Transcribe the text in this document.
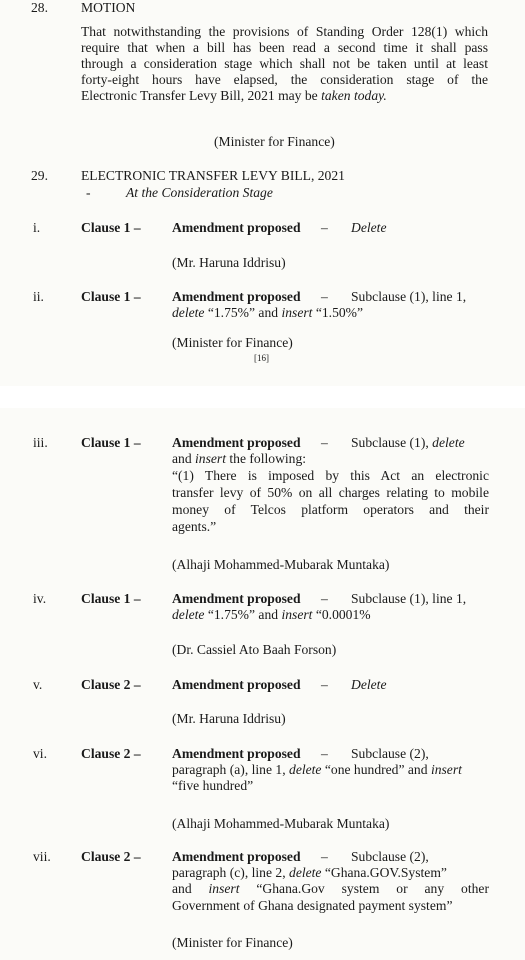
28. MOTION
That notwithstanding the provisions of Standing Order 128(1) which
require that when a bill has been read a second time it shall pass
through a consideration stage which shall not be taken until at least
forty-eight hours have elapsed, the consideration stage of the
Electronic Transfer Levy Bill, 2021 may be taken today.
(Minister for Finance)
29. ELECTRONIC TRANSFER LEVY BILL, 2021
-	At the Consideration Stage
i.	Clause 1 – Amendment proposed – Delete
(Mr. Haruna Iddrisu)
ii.	Clause 1 – Amendment proposed – Subclause (1), line 1,
delete “1.75%” and insert “1.50%”
(Minister for Finance)
[16]
iii. Clause 1 – Amendment proposed – Subclause (1), delete
and insert the following:
“(1) There is imposed by this Act an electronic
transfer levy of 50% on all charges relating to mobile
money of Telcos platform operators and their
agents.”
(Alhaji Mohammed-Mubarak Muntaka)
iv.	Clause 1 – Amendment proposed – Subclause (1), line 1,
delete “1.75%” and insert “0.0001%
(Dr. Cassiel Ato Baah Forson)
v.	Clause 2 – Amendment proposed – Delete
(Mr. Haruna Iddrisu)
vi.	Clause 2 – Amendment proposed – Subclause (2),
paragraph (a), line 1, delete “one hundred” and insert
“five hundred”
(Alhaji Mohammed-Mubarak Muntaka)
vii. Clause 2 – Amendment proposed – Subclause (2),
paragraph (c), line 2, delete “Ghana.GOV.System”
and insert “Ghana.Gov system or any other
Government of Ghana designated payment system”
(Minister for Finance)
